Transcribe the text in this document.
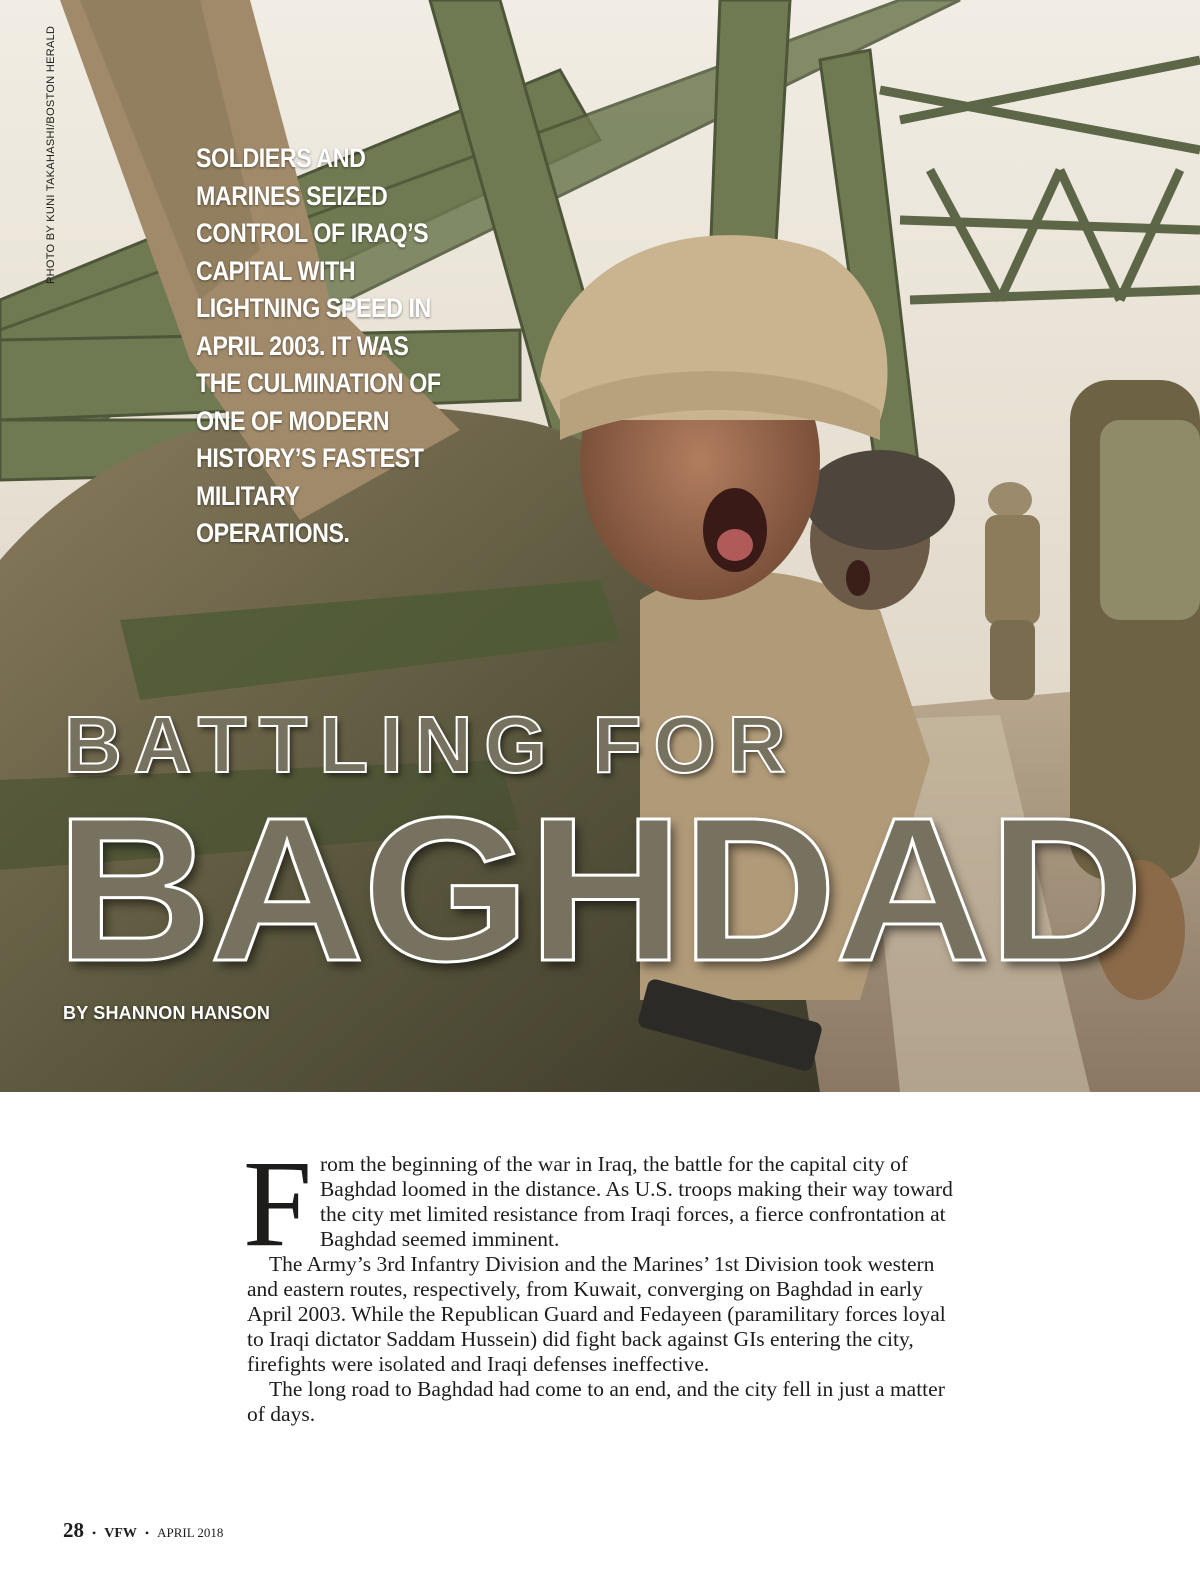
PHOTO BY KUNI TAKAHASHI/BOSTON HERALD	SOLDIERS AND MARINES SEIZED CONTROL OF IRAQ’S CAPITAL WITH LIGHTNING SPEED IN APRIL 2003. IT WAS THE CULMINATION OF ONE OF MODERN HISTORY’S FASTEST MILITARY OPERATIONS.
BATTLING FOR
BAGHDAD
BY SHANNON HANSON

From the beginning of the war in Iraq, the battle for the capital city of Baghdad loomed in the distance. As U.S. troops making their way toward the city met limited resistance from Iraqi forces, a fierce confrontation at Baghdad seemed imminent.

The Army’s 3rd Infantry Division and the Marines’ 1st Division took western and eastern routes, respectively, from Kuwait, converging on Baghdad in early April 2003. While the Republican Guard and Fedayeen (paramilitary forces loyal to Iraqi dictator Saddam Hussein) did fight back against GIs entering the city, firefights were isolated and Iraqi defenses ineffective.

The long road to Baghdad had come to an end, and the city fell in just a matter of days.

28 • VFW • APRIL 2018
